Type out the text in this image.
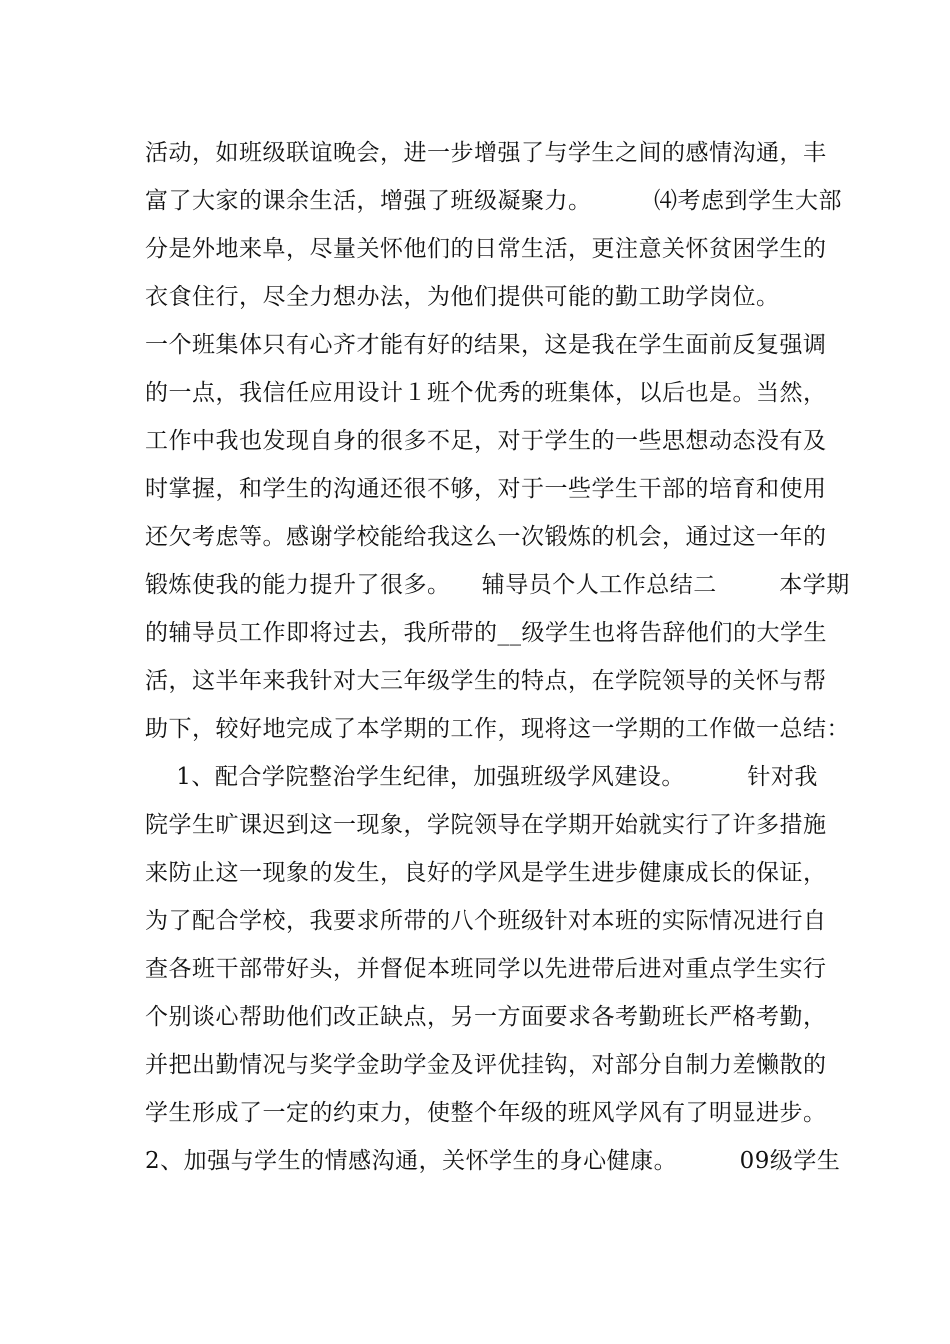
活动，如班级联谊晚会，进一步增强了与学生之间的感情沟通，丰
富了大家的课余生活，增强了班级凝聚力。        ⑷考虑到学生大部
分是外地来阜，尽量关怀他们的日常生活，更注意关怀贫困学生的
衣食住行，尽全力想办法，为他们提供可能的勤工助学岗位。
一个班集体只有心齐才能有好的结果，这是我在学生面前反复强调
的一点，我信任应用设计１班个优秀的班集体，以后也是。当然，
工作中我也发现自身的很多不足，对于学生的一些思想动态没有及
时掌握，和学生的沟通还很不够，对于一些学生干部的培育和使用
还欠考虑等。感谢学校能给我这么一次锻炼的机会，通过这一年的
锻炼使我的能力提升了很多。    辅导员个人工作总结二        本学期
的辅导员工作即将过去，我所带的__级学生也将告辞他们的大学生
活，这半年来我针对大三年级学生的特点，在学院领导的关怀与帮
助下，较好地完成了本学期的工作，现将这一学期的工作做一总结：
1、配合学院整治学生纪律，加强班级学风建设。        针对我
院学生旷课迟到这一现象，学院领导在学期开始就实行了许多措施
来防止这一现象的发生，良好的学风是学生进步健康成长的保证，
为了配合学校，我要求所带的八个班级针对本班的实际情况进行自
查各班干部带好头，并督促本班同学以先进带后进对重点学生实行
个别谈心帮助他们改正缺点，另一方面要求各考勤班长严格考勤，
并把出勤情况与奖学金助学金及评优挂钩，对部分自制力差懒散的
学生形成了一定的约束力，使整个年级的班风学风有了明显进步。
2、加强与学生的情感沟通，关怀学生的身心健康。        09级学生
